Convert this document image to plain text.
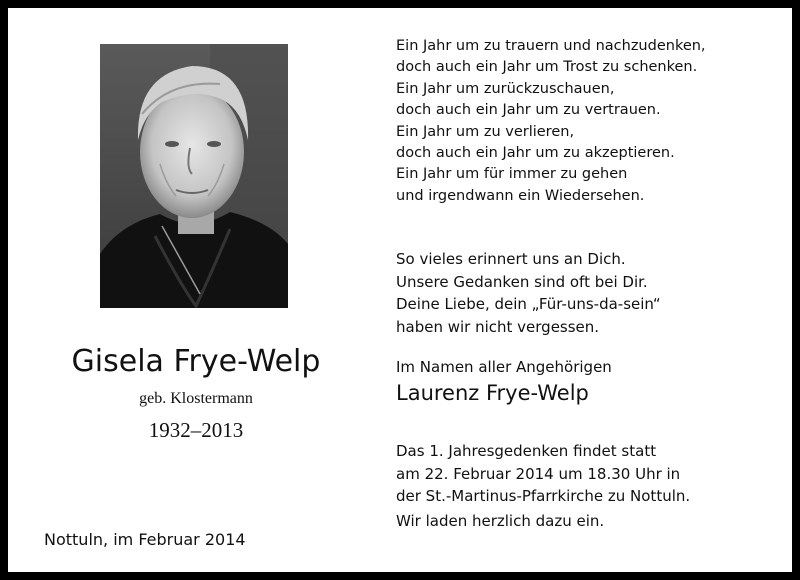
Gisela Frye-Welp
geb. Klostermann
1932–2013
Nottuln, im Februar 2014
Ein Jahr um zu trauern und nachzudenken,
doch auch ein Jahr um Trost zu schenken.
Ein Jahr um zurückzuschauen,
doch auch ein Jahr um zu vertrauen.
Ein Jahr um zu verlieren,
doch auch ein Jahr um zu akzeptieren.
Ein Jahr um für immer zu gehen
und irgendwann ein Wiedersehen.
So vieles erinnert uns an Dich.
Unsere Gedanken sind oft bei Dir.
Deine Liebe, dein „Für-uns-da-sein“
haben wir nicht vergessen.
Im Namen aller Angehörigen
Laurenz Frye-Welp
Das 1. Jahresgedenken findet statt
am 22. Februar 2014 um 18.30 Uhr in
der St.-Martinus-Pfarrkirche zu Nottuln.
Wir laden herzlich dazu ein.
